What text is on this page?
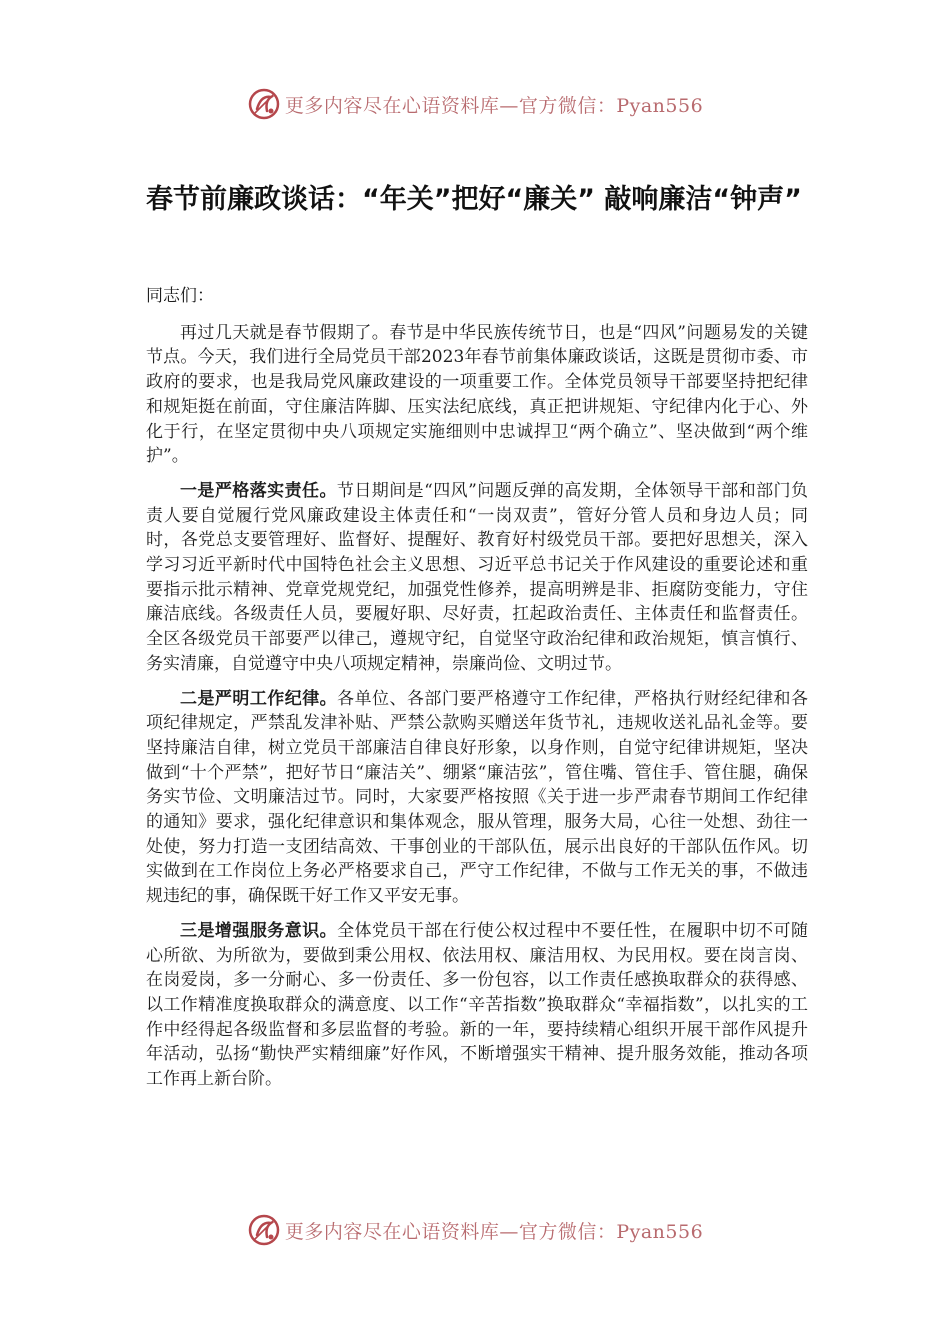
更多内容尽在心语资料库—官方微信：Pyan556
春节前廉政谈话：“年关”把好“廉关” 敲响廉洁“钟声”

同志们：

再过几天就是春节假期了。春节是中华民族传统节日，也是“四风”问题易发的关键节点。今天，我们进行全局党员干部2023年春节前集体廉政谈话，这既是贯彻市委、市政府的要求，也是我局党风廉政建设的一项重要工作。全体党员领导干部要坚持把纪律和规矩挺在前面，守住廉洁阵脚、压实法纪底线，真正把讲规矩、守纪律内化于心、外化于行，在坚定贯彻中央八项规定实施细则中忠诚捍卫“两个确立”、坚决做到“两个维护”。

一是严格落实责任。节日期间是“四风”问题反弹的高发期，全体领导干部和部门负责人要自觉履行党风廉政建设主体责任和“一岗双责”，管好分管人员和身边人员；同时，各党总支要管理好、监督好、提醒好、教育好村级党员干部。要把好思想关，深入学习习近平新时代中国特色社会主义思想、习近平总书记关于作风建设的重要论述和重要指示批示精神、党章党规党纪，加强党性修养，提高明辨是非、拒腐防变能力，守住廉洁底线。各级责任人员，要履好职、尽好责，扛起政治责任、主体责任和监督责任。全区各级党员干部要严以律己，遵规守纪，自觉坚守政治纪律和政治规矩，慎言慎行、务实清廉，自觉遵守中央八项规定精神，崇廉尚俭、文明过节。

二是严明工作纪律。各单位、各部门要严格遵守工作纪律，严格执行财经纪律和各项纪律规定，严禁乱发津补贴、严禁公款购买赠送年货节礼，违规收送礼品礼金等。要坚持廉洁自律，树立党员干部廉洁自律良好形象，以身作则，自觉守纪律讲规矩，坚决做到“十个严禁”，把好节日“廉洁关”、绷紧“廉洁弦”，管住嘴、管住手、管住腿，确保务实节俭、文明廉洁过节。同时，大家要严格按照《关于进一步严肃春节期间工作纪律的通知》要求，强化纪律意识和集体观念，服从管理，服务大局，心往一处想、劲往一处使，努力打造一支团结高效、干事创业的干部队伍，展示出良好的干部队伍作风。切实做到在工作岗位上务必严格要求自己，严守工作纪律，不做与工作无关的事，不做违规违纪的事，确保既干好工作又平安无事。

三是增强服务意识。全体党员干部在行使公权过程中不要任性，在履职中切不可随心所欲、为所欲为，要做到秉公用权、依法用权、廉洁用权、为民用权。要在岗言岗、在岗爱岗，多一分耐心、多一份责任、多一份包容，以工作责任感换取群众的获得感、以工作精准度换取群众的满意度、以工作“辛苦指数”换取群众“幸福指数”，以扎实的工作中经得起各级监督和多层监督的考验。新的一年，要持续精心组织开展干部作风提升年活动，弘扬“勤快严实精细廉”好作风，不断增强实干精神、提升服务效能，推动各项工作再上新台阶。

更多内容尽在心语资料库—官方微信：Pyan556
